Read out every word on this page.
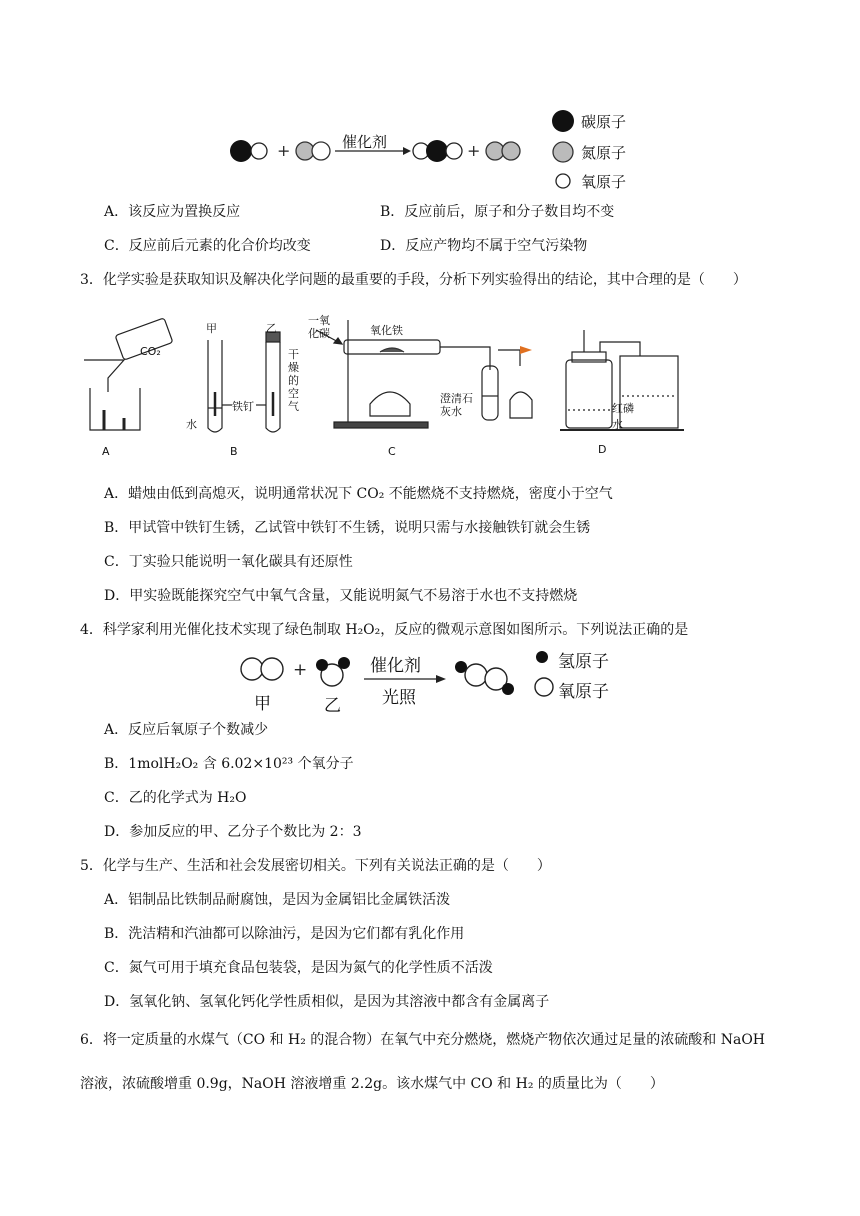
+	+
催化剂
碳原子
氮原子
氧原子
A．该反应为置换反应	B．反应前后，原子和分子数目均不变
C．反应前后元素的化合价均改变	D．反应产物均不属于空气污染物
3．化学实验是获取知识及解决化学问题的最重要的手段，分析下列实验得出的结论，其中合理的是（　　）
CO₂
A
甲	乙
水
铁钉
干燥的空气
B
一氧化碳	氧化铁
澄清石灰水
C
红磷
水
D
A．蜡烛由低到高熄灭，说明通常状况下 CO₂ 不能燃烧不支持燃烧，密度小于空气
B．甲试管中铁钉生锈，乙试管中铁钉不生锈，说明只需与水接触铁钉就会生锈
C．丁实验只能说明一氧化碳具有还原性
D．甲实验既能探究空气中氧气含量，又能说明氮气不易溶于水也不支持燃烧
4．科学家利用光催化技术实现了绿色制取 H₂O₂，反应的微观示意图如图所示。下列说法正确的是
+
甲	乙
催化剂
光照
氢原子
氧原子
A．反应后氧原子个数减少
B．1molH₂O₂ 含 6.02×10²³ 个氧分子
C．乙的化学式为 H₂O
D．参加反应的甲、乙分子个数比为 2：3
5．化学与生产、生活和社会发展密切相关。下列有关说法正确的是（　　）
A．铝制品比铁制品耐腐蚀，是因为金属铝比金属铁活泼
B．洗洁精和汽油都可以除油污，是因为它们都有乳化作用
C．氮气可用于填充食品包装袋，是因为氮气的化学性质不活泼
D．氢氧化钠、氢氧化钙化学性质相似，是因为其溶液中都含有金属离子
6．将一定质量的水煤气（CO 和 H₂ 的混合物）在氧气中充分燃烧，燃烧产物依次通过足量的浓硫酸和 NaOH
溶液，浓硫酸增重 0.9g，NaOH 溶液增重 2.2g。该水煤气中 CO 和 H₂ 的质量比为（　　）
